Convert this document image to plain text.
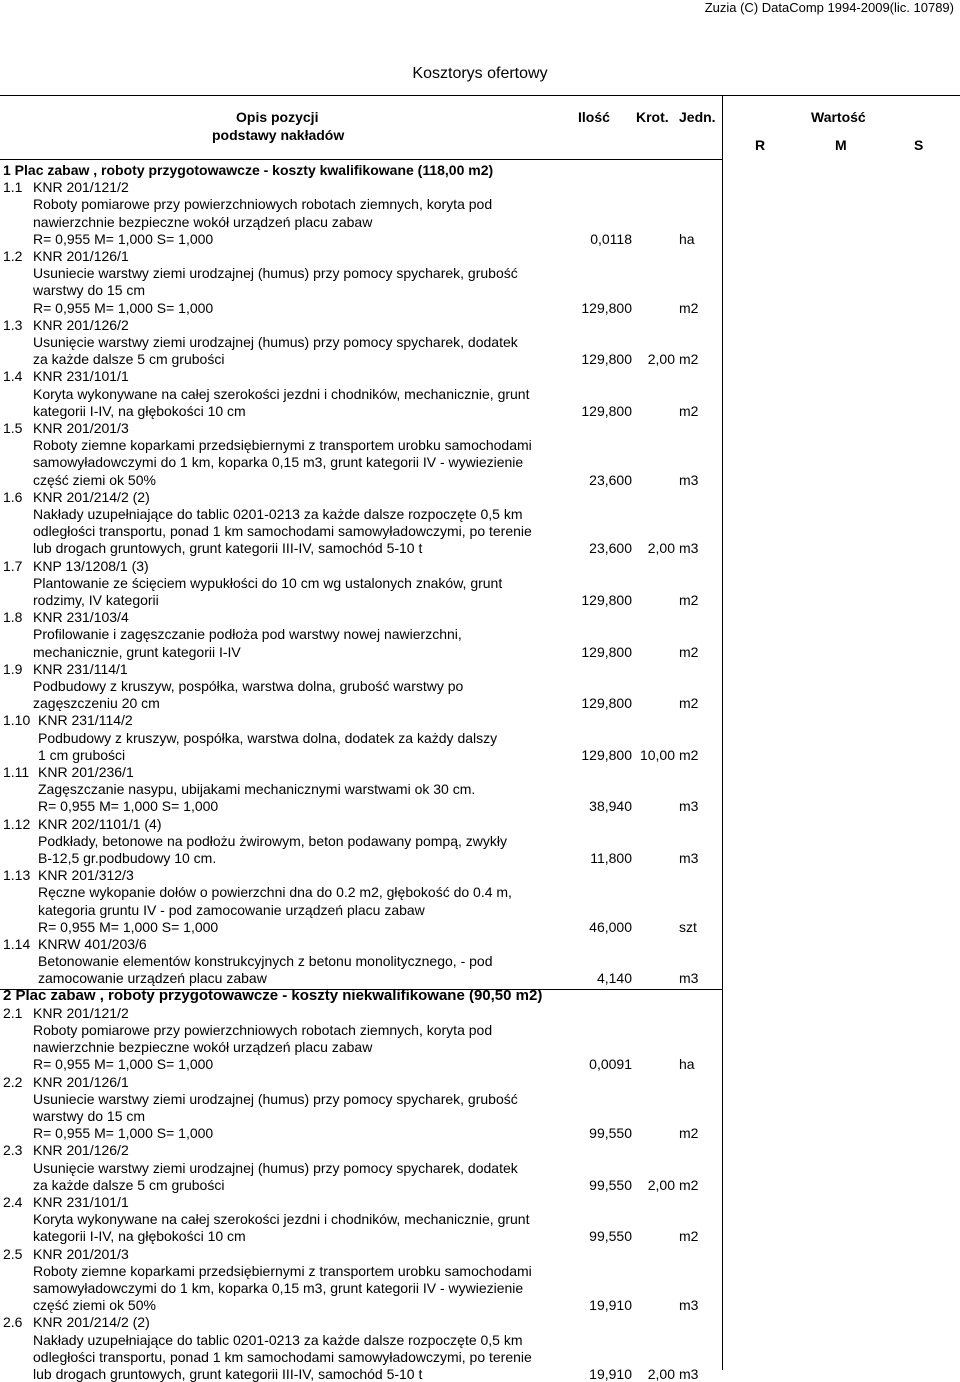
Zuzia (C) DataComp 1994-2009(lic. 10789)
Kosztorys ofertowy
Opis pozycji
podstawy nakładów
Ilość Krot. Jedn.	Wartość
R	M	S
1 Plac zabaw , roboty przygotowawcze - koszty kwalifikowane (118,00 m2)
1.1 KNR 201/121/2
Roboty pomiarowe przy powierzchniowych robotach ziemnych, koryta pod
nawierzchnie bezpieczne wokół urządzeń placu zabaw
R= 0,955 M= 1,000 S= 1,000	0,0118	ha
1.2 KNR 201/126/1
Usuniecie warstwy ziemi urodzajnej (humus) przy pomocy spycharek, grubość
warstwy do 15 cm
R= 0,955 M= 1,000 S= 1,000	129,800	m2
1.3 KNR 201/126/2
Usunięcie warstwy ziemi urodzajnej (humus) przy pomocy spycharek, dodatek
za każde dalsze 5 cm grubości	129,800	2,00 m2
1.4 KNR 231/101/1
Koryta wykonywane na całej szerokości jezdni i chodników, mechanicznie, grunt
kategorii I-IV, na głębokości 10 cm	129,800	m2
1.5 KNR 201/201/3
Roboty ziemne koparkami przedsiębiernymi z transportem urobku samochodami
samowyładowczymi do 1 km, koparka 0,15 m3, grunt kategorii IV - wywiezienie
część ziemi ok 50%	23,600	m3
1.6 KNR 201/214/2 (2)
Nakłady uzupełniające do tablic 0201-0213 za każde dalsze rozpoczęte 0,5 km
odległości transportu, ponad 1 km samochodami samowyładowczymi, po terenie
lub drogach gruntowych, grunt kategorii III-IV, samochód 5-10 t	23,600	2,00 m3
1.7 KNP 13/1208/1 (3)
Plantowanie ze ścięciem wypukłości do 10 cm wg ustalonych znaków, grunt
rodzimy, IV kategorii	129,800	m2
1.8 KNR 231/103/4
Profilowanie i zagęszczanie podłoża pod warstwy nowej nawierzchni,
mechanicznie, grunt kategorii I-IV	129,800	m2
1.9 KNR 231/114/1
Podbudowy z kruszyw, pospółka, warstwa dolna, grubość warstwy po
zagęszczeniu 20 cm	129,800	m2
1.10 KNR 231/114/2
Podbudowy z kruszyw, pospółka, warstwa dolna, dodatek za każdy dalszy
1 cm grubości	129,800 10,00 m2
1.11 KNR 201/236/1
Zagęszczanie nasypu, ubijakami mechanicznymi warstwami ok 30 cm.
R= 0,955 M= 1,000 S= 1,000	38,940	m3
1.12 KNR 202/1101/1 (4)
Podkłady, betonowe na podłożu żwirowym, beton podawany pompą, zwykły
B-12,5 gr.podbudowy 10 cm.	11,800	m3
1.13 KNR 201/312/3
Ręczne wykopanie dołów o powierzchni dna do 0.2 m2, głębokość do 0.4 m,
kategoria gruntu IV - pod zamocowanie urządzeń placu zabaw
R= 0,955 M= 1,000 S= 1,000	46,000	szt
1.14 KNRW 401/203/6
Betonowanie elementów konstrukcyjnych z betonu monolitycznego, - pod
zamocowanie urządzeń placu zabaw	4,140	m3
2 Plac zabaw , roboty przygotowawcze - koszty niekwalifikowane (90,50 m2)
2.1 KNR 201/121/2
Roboty pomiarowe przy powierzchniowych robotach ziemnych, koryta pod
nawierzchnie bezpieczne wokół urządzeń placu zabaw
R= 0,955 M= 1,000 S= 1,000	0,0091	ha
2.2 KNR 201/126/1
Usuniecie warstwy ziemi urodzajnej (humus) przy pomocy spycharek, grubość
warstwy do 15 cm
R= 0,955 M= 1,000 S= 1,000	99,550	m2
2.3 KNR 201/126/2
Usunięcie warstwy ziemi urodzajnej (humus) przy pomocy spycharek, dodatek
za każde dalsze 5 cm grubości	99,550	2,00 m2
2.4 KNR 231/101/1
Koryta wykonywane na całej szerokości jezdni i chodników, mechanicznie, grunt
kategorii I-IV, na głębokości 10 cm	99,550	m2
2.5 KNR 201/201/3
Roboty ziemne koparkami przedsiębiernymi z transportem urobku samochodami
samowyładowczymi do 1 km, koparka 0,15 m3, grunt kategorii IV - wywiezienie
część ziemi ok 50%	19,910	m3
2.6 KNR 201/214/2 (2)
Nakłady uzupełniające do tablic 0201-0213 za każde dalsze rozpoczęte 0,5 km
odległości transportu, ponad 1 km samochodami samowyładowczymi, po terenie
lub drogach gruntowych, grunt kategorii III-IV, samochód 5-10 t	19,910	2,00 m3
